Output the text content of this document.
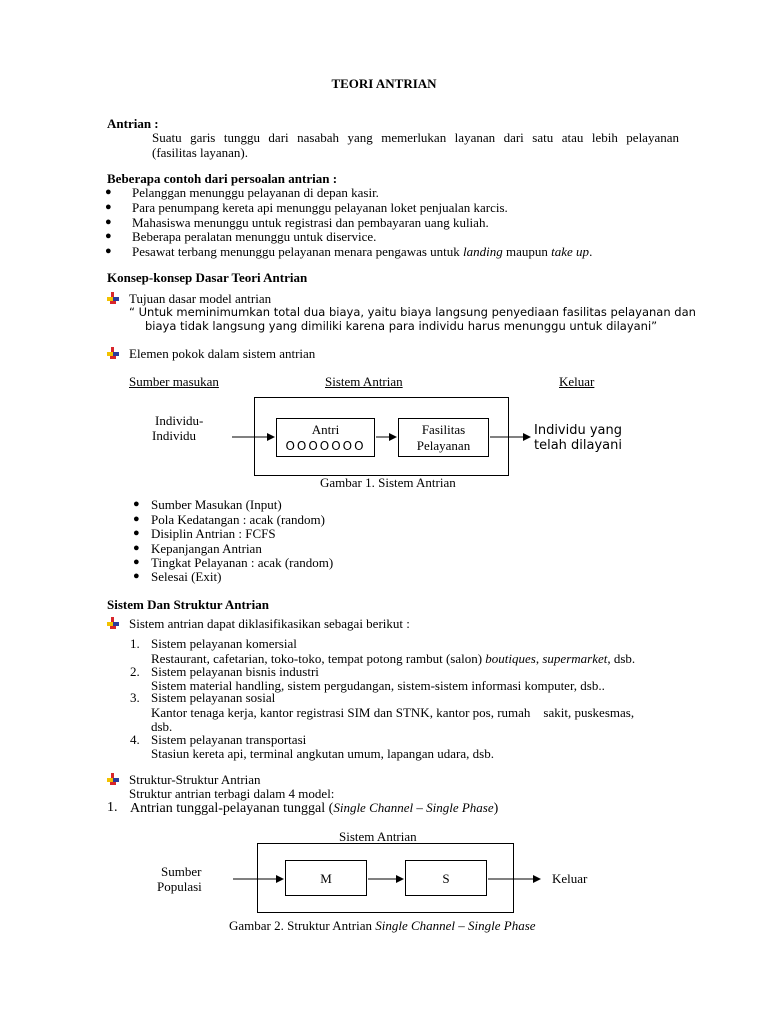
TEORI ANTRIAN
Antrian :
Suatu garis tunggu dari nasabah yang memerlukan layanan dari satu atau lebih pelayanan
(fasilitas layanan).
Beberapa contoh dari persoalan antrian :
● Pelanggan menunggu pelayanan di depan kasir.
● Para penumpang kereta api menunggu pelayanan loket penjualan karcis.
● Mahasiswa menunggu untuk registrasi dan pembayaran uang kuliah.
● Beberapa peralatan menunggu untuk diservice.
● Pesawat terbang menunggu pelayanan menara pengawas untuk landing maupun take up.
Konsep-konsep Dasar Teori Antrian
Tujuan dasar model antrian
“ Untuk meminimumkan total dua biaya, yaitu biaya langsung penyediaan fasilitas pelayanan dan
biaya tidak langsung yang dimiliki karena para individu harus menunggu untuk dilayani”
Elemen pokok dalam sistem antrian
Sumber masukan	Sistem Antrian	Keluar
Individu-
Individu	Antri
OOOOOOO
Fasilitas
Pelayanan
Individu yang
telah dilayani
Gambar 1. Sistem Antrian
● Sumber Masukan (Input)
● Pola Kedatangan : acak (random)
● Disiplin Antrian : FCFS
● Kepanjangan Antrian
● Tingkat Pelayanan : acak (random)
● Selesai (Exit)
Sistem Dan Struktur Antrian
Sistem antrian dapat diklasifikasikan sebagai berikut :
1. Sistem pelayanan komersial
Restaurant, cafetarian, toko-toko, tempat potong rambut (salon) boutiques, supermarket, dsb.
2. Sistem pelayanan bisnis industri
Sistem material handling, sistem pergudangan, sistem-sistem informasi komputer, dsb..
3. Sistem pelayanan sosial
Kantor tenaga kerja, kantor registrasi SIM dan STNK, kantor pos, rumah    sakit, puskesmas,
dsb.
4. Sistem pelayanan transportasi
Stasiun kereta api, terminal angkutan umum, lapangan udara, dsb.
Struktur-Struktur Antrian
Struktur antrian terbagi dalam 4 model:
1. Antrian tunggal-pelayanan tunggal (Single Channel – Single Phase)
Sistem Antrian
Sumber
Populasi
M	S	Keluar
Gambar 2. Struktur Antrian Single Channel – Single Phase
